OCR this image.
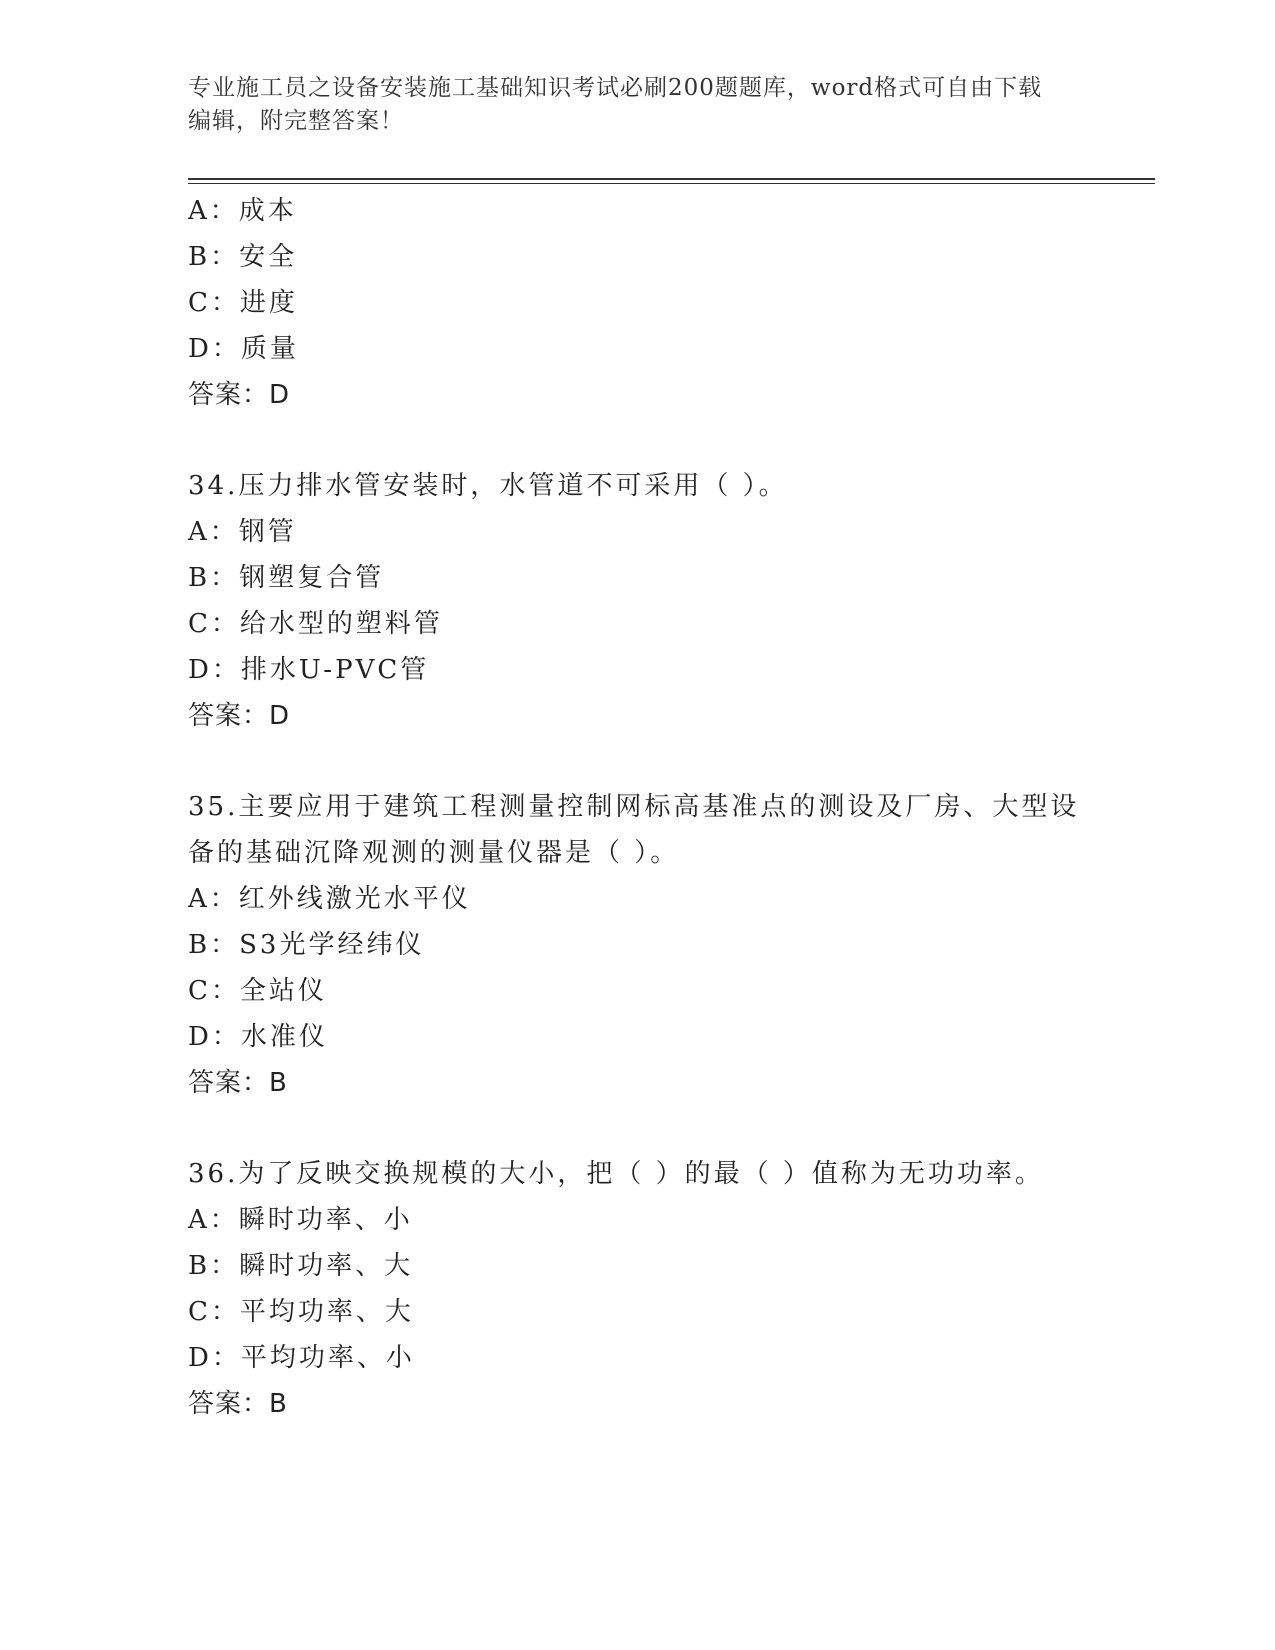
专业施工员之设备安装施工基础知识考试必刷200题题库，word格式可自由下载
编辑，附完整答案！
A：成本
B：安全
C：进度
D：质量
答案：D
34.压力排水管安装时，水管道不可采用（ ）。
A：钢管
B：钢塑复合管
C：给水型的塑料管
D：排水U-PVC管
答案：D
35.主要应用于建筑工程测量控制网标高基准点的测设及厂房、大型设
备的基础沉降观测的测量仪器是（ ）。
A：红外线激光水平仪
B：S3光学经纬仪
C：全站仪
D：水准仪
答案：B
36.为了反映交换规模的大小，把（ ）的最（ ）值称为无功功率。
A：瞬时功率、小
B：瞬时功率、大
C：平均功率、大
D：平均功率、小
答案：B
